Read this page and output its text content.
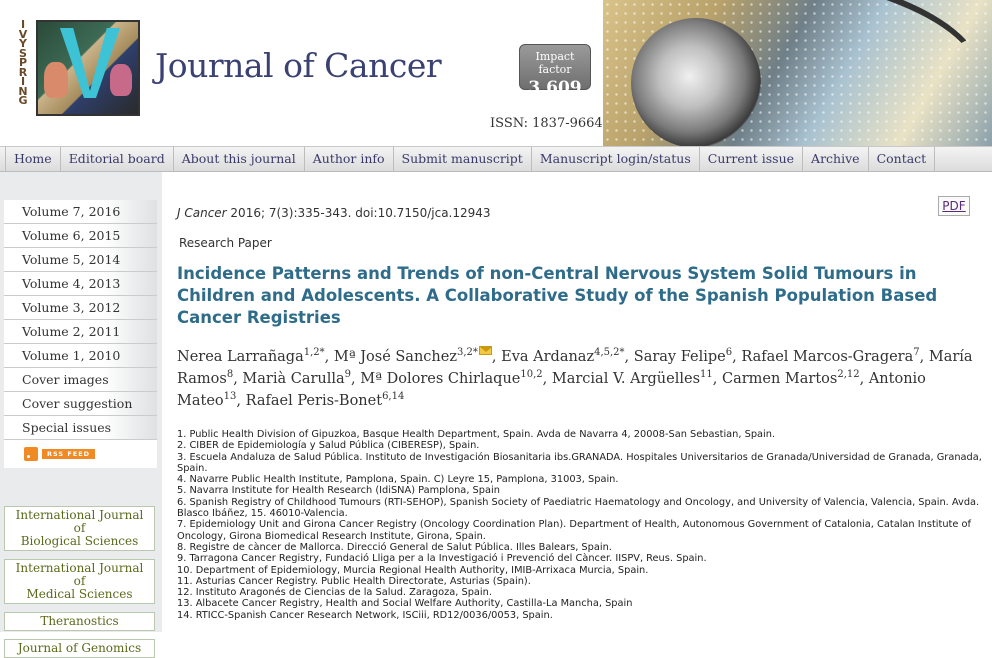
I
V
Y
S
P
R
I
N
G
Journal of Cancer	Impact factor
3.609
ISSN: 1837-9664
Home	Editorial board	About this journal	Author info	Submit manuscript	Manuscript login/status	Current issue	Archive	Contact
Volume 7, 2016
Volume 6, 2015
Volume 5, 2014
Volume 4, 2013
Volume 3, 2012
Volume 2, 2011
Volume 1, 2010
Cover images
Cover suggestion
Special issues
RSS FEED
International Journal of
Biological Sciences
International Journal of
Medical Sciences
Theranostics
Journal of Genomics
J Cancer 2016; 7(3):335-343. doi:10.7150/jca.12943	PDF
Research Paper
Incidence Patterns and Trends of non-Central Nervous System Solid Tumours in Children and Adolescents. A Collaborative Study of the Spanish Population Based Cancer Registries
Nerea Larrañaga$^{1,2*}$, Mª José Sanchez$^{3,2*}$ , Eva Ardanaz$^{4,5,2*}$, Saray Felipe$^6$, Rafael Marcos-Gragera$^7$, María Ramos$^8$, Marià Carulla$^9$, Mª Dolores Chirlaque$^{10,2}$, Marcial V. Argüelles$^{11}$, Carmen Martos$^{2,12}$, Antonio Mateo$^{13}$, Rafael Peris-Bonet$^{6,14}$
1. Public Health Division of Gipuzkoa, Basque Health Department, Spain. Avda de Navarra 4, 20008-San Sebastian, Spain.
2. CIBER de Epidemiología y Salud Pública (CIBERESP), Spain.
3. Escuela Andaluza de Salud Pública. Instituto de Investigación Biosanitaria ibs.GRANADA. Hospitales Universitarios de Granada/Universidad de Granada, Granada, Spain.
4. Navarre Public Health Institute, Pamplona, Spain. C) Leyre 15, Pamplona, 31003, Spain.
5. Navarra Institute for Health Research (IdiSNA) Pamplona, Spain
6. Spanish Registry of Childhood Tumours (RTI-SEHOP), Spanish Society of Paediatric Haematology and Oncology, and University of Valencia, Valencia, Spain. Avda. Blasco Ibáñez, 15. 46010-Valencia.
7. Epidemiology Unit and Girona Cancer Registry (Oncology Coordination Plan). Department of Health, Autonomous Government of Catalonia, Catalan Institute of Oncology, Girona Biomedical Research Institute, Girona, Spain.
8. Registre de càncer de Mallorca. Direcció General de Salut Pública. Illes Balears, Spain.
9. Tarragona Cancer Registry, Fundació Lliga per a la Investigació i Prevenció del Càncer. IISPV, Reus. Spain.
10. Department of Epidemiology, Murcia Regional Health Authority, IMIB-Arrixaca Murcia, Spain.
11. Asturias Cancer Registry. Public Health Directorate, Asturias (Spain).
12. Instituto Aragonés de Ciencias de la Salud. Zaragoza, Spain.
13. Albacete Cancer Registry, Health and Social Welfare Authority, Castilla-La Mancha, Spain
14. RTICC-Spanish Cancer Research Network, ISCiii, RD12/0036/0053, Spain.
